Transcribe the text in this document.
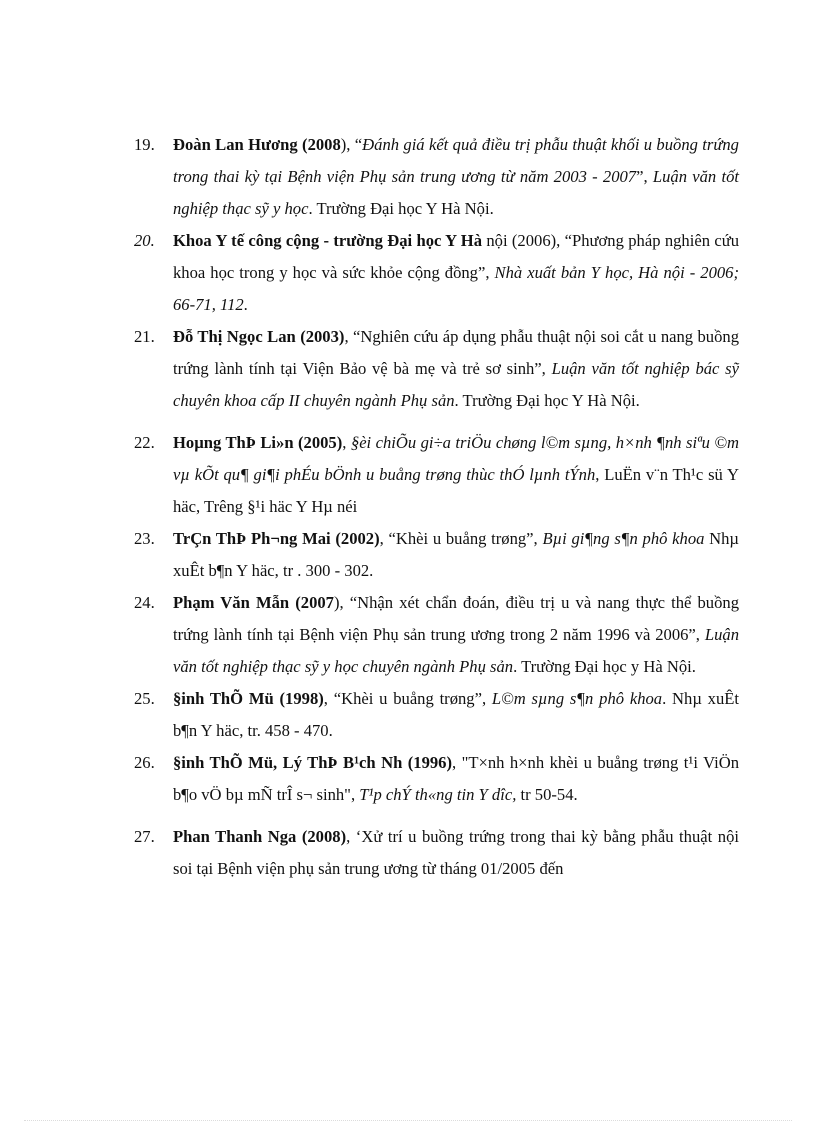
19.	Đoàn Lan Hương (2008), “Đánh giá kết quả điều trị phẫu thuật khối u buồng trứng trong thai kỳ tại Bệnh viện Phụ sản trung ương từ năm 2003 - 2007”, Luận văn tốt nghiệp thạc sỹ y học. Trường Đại học Y Hà Nội.
20.	Khoa Y tế công cộng - trường Đại học Y Hà nội (2006), “Phương pháp nghiên cứu khoa học trong y học và sức khỏe cộng đồng”, Nhà xuất bản Y học, Hà nội - 2006; 66-71, 112.
21.	Đỗ Thị Ngọc Lan (2003), “Nghiên cứu áp dụng phẫu thuật nội soi cắt u nang buồng trứng lành tính tại Viện Bảo vệ bà mẹ và trẻ sơ sinh”, Luận văn tốt nghiệp bác sỹ chuyên khoa cấp II chuyên ngành Phụ sản. Trường Đại học Y Hà Nội.
22.	Hoµng ThÞ Li»n (2005), §èi chiÕu gi÷a triÖu chøng l©m sµng, h×nh ¶nh siªu ©m vµ kÕt qu¶ gi¶i phÉu bÖnh u buång trøng thùc thÓ lµnh tÝnh, LuËn v¨n Th¹c sü Y häc, Trêng §¹i häc Y Hµ néi
23.	TrÇn ThÞ Ph¬ng Mai (2002), “Khèi u buång trøng”, Bµi gi¶ng s¶n phô khoa Nhµ xuÊt b¶n Y häc, tr . 300 - 302.
24.	Phạm Văn Mẫn (2007), “Nhận xét chẩn đoán, điều trị u và nang thực thể buồng trứng lành tính tại Bệnh viện Phụ sản trung ương trong 2 năm 1996 và 2006”, Luận văn tốt nghiệp thạc sỹ y học chuyên ngành Phụ sản. Trường Đại học y Hà Nội.
25.	§inh ThÕ Mü (1998), “Khèi u buång trøng”, L©m sµng s¶n phô khoa. Nhµ xuÊt b¶n Y häc, tr. 458 - 470.
26.	§inh ThÕ Mü, Lý ThÞ B¹ch Nh (1996), "T×nh h×nh khèi u buång trøng t¹i ViÖn b¶o vÖ bµ mÑ trÎ s¬ sinh", T¹p chÝ th«ng tin Y dîc, tr 50-54.
27.	Phan Thanh Nga (2008), ‘Xử trí u buồng trứng trong thai kỳ bằng phẫu thuật nội soi tại Bệnh viện phụ sản trung ương từ tháng 01/2005 đến
